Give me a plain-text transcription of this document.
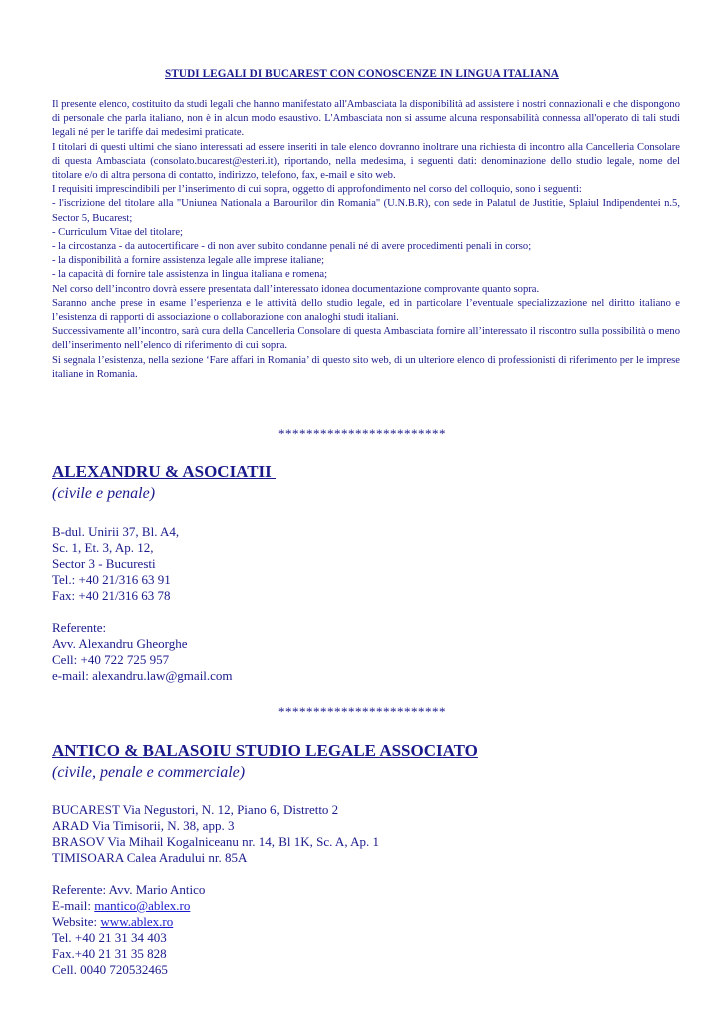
STUDI LEGALI DI BUCAREST CON CONOSCENZE IN LINGUA ITALIANA

Il presente elenco, costituito da studi legali che hanno manifestato all'Ambasciata la disponibilità ad assistere i nostri connazionali e che dispongono di personale che parla italiano, non è in alcun modo esaustivo. L'Ambasciata non si assume alcuna responsabilità connessa all'operato di tali studi legali né per le tariffe dai medesimi praticate.

I titolari di questi ultimi che siano interessati ad essere inseriti in tale elenco dovranno inoltrare una richiesta di incontro alla Cancelleria Consolare di questa Ambasciata (consolato.bucarest@esteri.it), riportando, nella medesima, i seguenti dati: denominazione dello studio legale, nome del titolare e/o di altra persona di contatto, indirizzo, telefono, fax, e-mail e sito web.

I requisiti imprescindibili per l’inserimento di cui sopra, oggetto di approfondimento nel corso del colloquio, sono i seguenti:

- l'iscrizione del titolare alla "Uniunea Nationala a Barourilor din Romania" (U.N.B.R), con sede in Palatul de Justitie, Splaiul Indipendentei n.5, Sector 5, Bucarest;

- Curriculum Vitae del titolare;

- la circostanza - da autocertificare - di non aver subito condanne penali né di avere procedimenti penali in corso;

- la disponibilità a fornire assistenza legale alle imprese italiane;

- la capacità di fornire tale assistenza in lingua italiana e romena;

Nel corso dell’incontro dovrà essere presentata dall’interessato idonea documentazione comprovante quanto sopra.

Saranno anche prese in esame l’esperienza e le attività dello studio legale, ed in particolare l’eventuale specializzazione nel diritto italiano e l’esistenza di rapporti di associazione o collaborazione con analoghi studi italiani.

Successivamente all’incontro, sarà cura della Cancelleria Consolare di questa Ambasciata fornire all’interessato il riscontro sulla possibilità o meno dell’inserimento nell’elenco di riferimento di cui sopra.

Si segnala l’esistenza, nella sezione ‘Fare affari in Romania’ di questo sito web, di un ulteriore elenco di professionisti di riferimento per le imprese italiane in Romania.

************************
ALEXANDRU & ASOCIATII
(civile e penale)
B-dul. Unirii 37, Bl. A4,
Sc. 1, Et. 3, Ap. 12,
Sector 3 - Bucuresti
Tel.: +40 21/316 63 91
Fax: +40 21/316 63 78
Referente:
Avv. Alexandru Gheorghe
Cell: +40 722 725 957
e-mail: alexandru.law@gmail.com
************************
ANTICO & BALASOIU STUDIO LEGALE ASSOCIATO
(civile, penale e commerciale)
BUCAREST Via Negustori, N. 12, Piano 6, Distretto 2
ARAD Via Timisorii, N. 38, app. 3
BRASOV Via Mihail Kogalniceanu nr. 14, Bl 1K, Sc. A, Ap. 1
TIMISOARA Calea Aradului nr. 85A
Referente: Avv. Mario Antico
E-mail: mantico@ablex.ro
Website: www.ablex.ro
Tel. +40 21 31 34 403
Fax.+40 21 31 35 828
Cell. 0040 720532465
